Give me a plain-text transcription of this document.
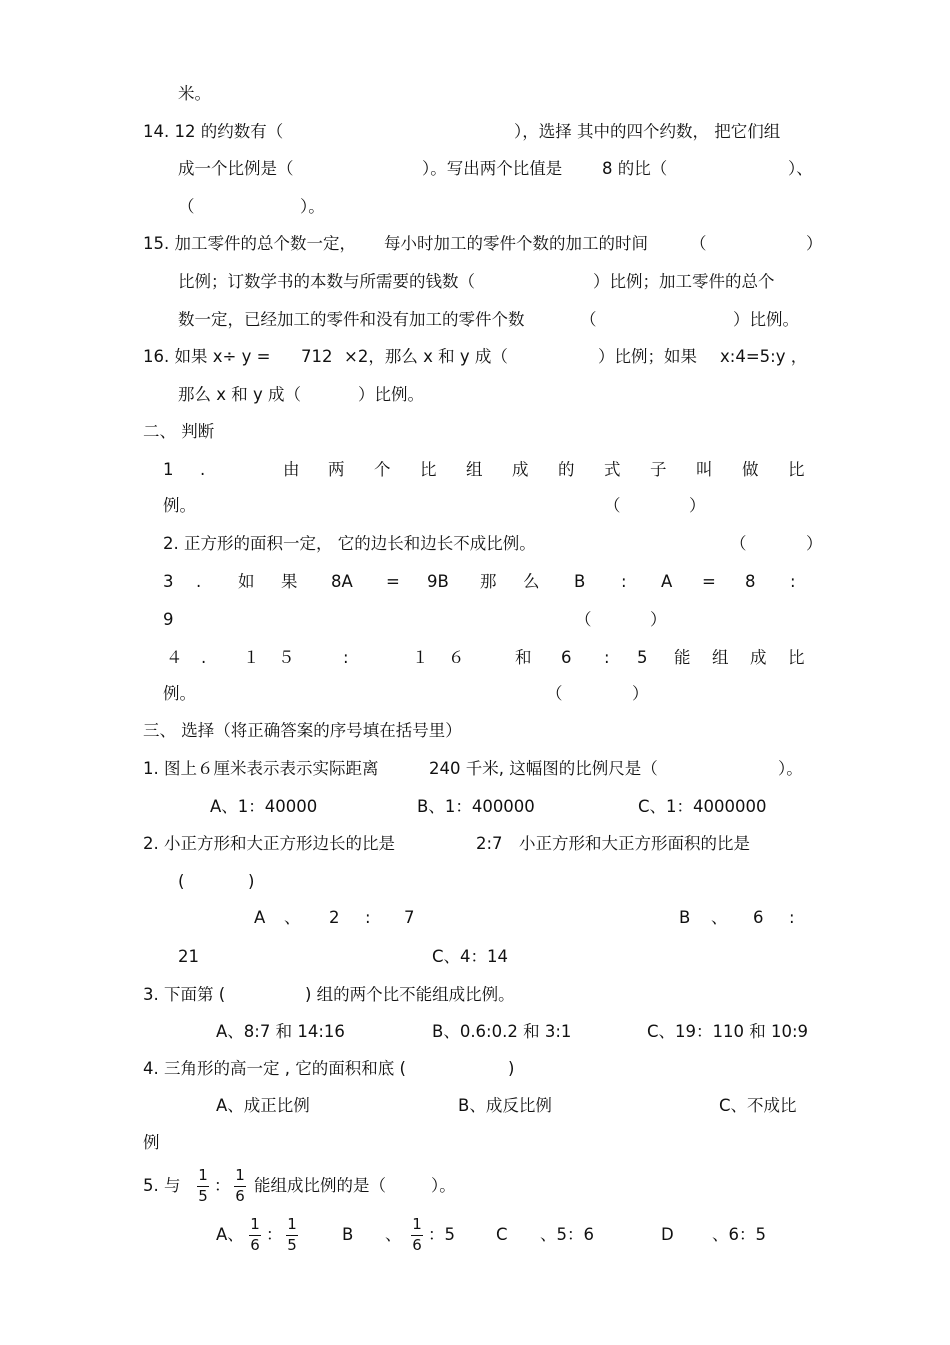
米。
14. 12 的约数有（	），选择 其中的四个约数， 把它们组
成一个比例是（	）。写出两个比值是 8 的比（	）、
（	）。
15. 加工零件的总个数一定， 每小时加工的零件个数的加工的时间	（	）
比例；订数学书的本数与所需要的钱数（	）比例；加工零件的总个
数一定，已经加工的零件和没有加工的零件个数	（	）比例。
16. 如果 x÷ y = 712 ×2，那么 x 和 y 成（	）比例；如果 x:4=5:y ，
那么 x 和 y 成（	）比例。
二、 判断
1 .	由 两 个 比 组 成 的 式 子 叫 做 比
例。	（	）
2. 正方形的面积一定， 它的边长和边长不成比例。	（	）
3 . 如 果 8A = 9B 那 么 B : A = 8 :
9	（	）
４ . １ ５	:	１ ６	和 6 : 5 能 组 成 比
例。	（	）
三、 选择（将正确答案的序号填在括号里）
1. 图上６厘米表示表示实际距离	240 千米, 这幅图的比例尺是（	）。
A、1：40000	B、1：400000	C、1：4000000
2. 小正方形和大正方形边长的比是	2:7 小正方形和大正方形面积的比是
(	)
A 、 2 : 7	B 、 6 :
21	C、4：14
3. 下面第 (	) 组的两个比不能组成比例。
A、8:7 和 14:16	B、0.6:0.2 和 3:1	C、19：110 和 10:9
4. 三角形的高一定 , 它的面积和底 (	)
A、成正比例	B、成反比例	C、不成比
例
5. 与
1
5
：
1
6
能组成比例的是（	）。
A、
1
6
：
1
5
B 、
1
6
：5 C 、5：6	D 、6：5
